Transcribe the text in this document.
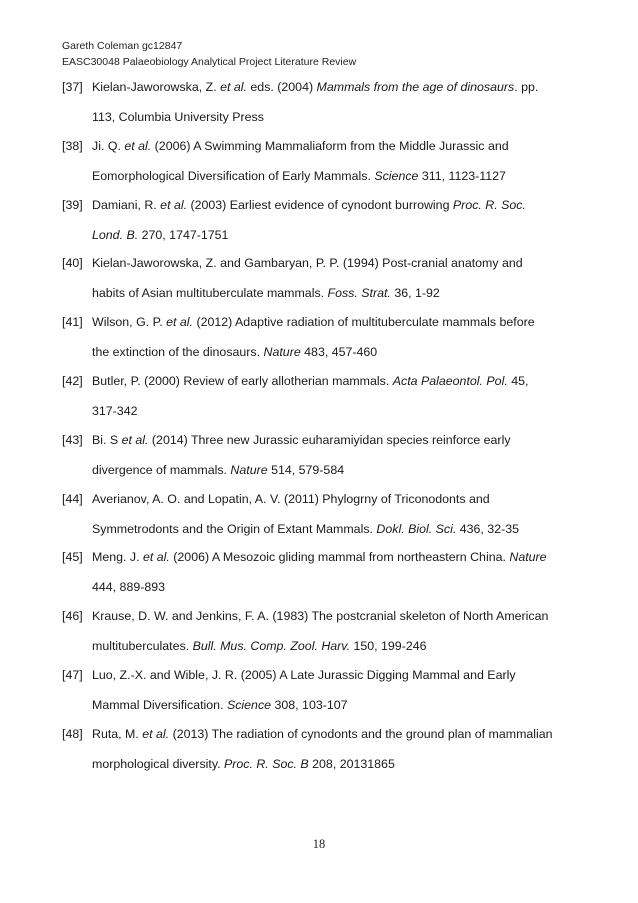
Gareth Coleman gc12847
EASC30048 Palaeobiology Analytical Project Literature Review
[37] Kielan-Jaworowska, Z. et al. eds. (2004) Mammals from the age of dinosaurs. pp.
113, Columbia University Press
[38] Ji. Q. et al. (2006) A Swimming Mammaliaform from the Middle Jurassic and
Eomorphological Diversification of Early Mammals. Science 311, 1123-1127
[39] Damiani, R. et al. (2003) Earliest evidence of cynodont burrowing Proc. R. Soc.
Lond. B. 270, 1747-1751
[40] Kielan-Jaworowska, Z. and Gambaryan, P. P. (1994) Post-cranial anatomy and
habits of Asian multituberculate mammals. Foss. Strat. 36, 1-92
[41] Wilson, G. P. et al. (2012) Adaptive radiation of multituberculate mammals before
the extinction of the dinosaurs. Nature 483, 457-460
[42] Butler, P. (2000) Review of early allotherian mammals. Acta Palaeontol. Pol. 45,
317-342
[43] Bi. S et al. (2014) Three new Jurassic euharamiyidan species reinforce early
divergence of mammals. Nature 514, 579-584
[44] Averianov, A. O. and Lopatin, A. V. (2011) Phylogrny of Triconodonts and
Symmetrodonts and the Origin of Extant Mammals. Dokl. Biol. Sci. 436, 32-35
[45] Meng. J. et al. (2006) A Mesozoic gliding mammal from northeastern China. Nature
444, 889-893
[46] Krause, D. W. and Jenkins, F. A. (1983) The postcranial skeleton of North American
multituberculates. Bull. Mus. Comp. Zool. Harv. 150, 199-246
[47] Luo, Z.-X. and Wible, J. R. (2005) A Late Jurassic Digging Mammal and Early
Mammal Diversification. Science 308, 103-107
[48] Ruta, M. et al. (2013) The radiation of cynodonts and the ground plan of mammalian
morphological diversity. Proc. R. Soc. B 208, 20131865
18
